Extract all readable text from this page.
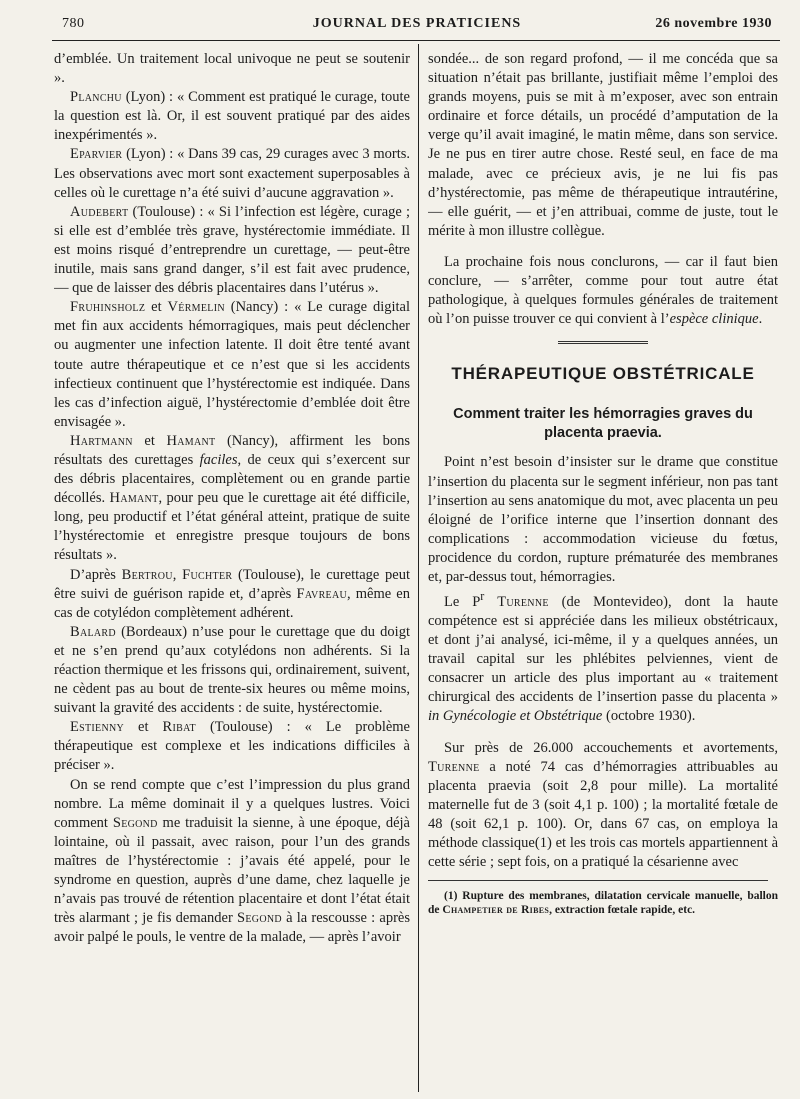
780	JOURNAL DES PRATICIENS	26 novembre 1930

d’emblée. Un traitement local univoque ne peut se soutenir ».

Planchu (Lyon) : « Comment est pratiqué le curage, toute la question est là. Or, il est souvent pratiqué par des aides inexpérimentés ».

Eparvier (Lyon) : « Dans 39 cas, 29 curages avec 3 morts. Les observations avec mort sont exactement superposables à celles où le curettage n’a été suivi d’aucune aggravation ».

Audebert (Toulouse) : « Si l’infection est légère, curage ; si elle est d’emblée très grave, hystérectomie immédiate. Il est moins risqué d’entreprendre un curettage, — peut-être inutile, mais sans grand danger, s’il est fait avec prudence, — que de laisser des débris placentaires dans l’utérus ».

Fruhinsholz et Vérmelin (Nancy) : « Le curage digital met fin aux accidents hémorragiques, mais peut déclencher ou augmenter une infection latente. Il doit être tenté avant toute autre thérapeutique et ce n’est que si les accidents infectieux continuent que l’hystérectomie est indiquée. Dans les cas d’infection aiguë, l’hystérectomie d’emblée doit être envisagée ».

Hartmann et Hamant (Nancy), affirment les bons résultats des curettages faciles, de ceux qui s’exercent sur des débris placentaires, complètement ou en grande partie décollés. Hamant, pour peu que le curettage ait été difficile, long, peu productif et l’état général atteint, pratique de suite l’hystérectomie et enregistre presque toujours de bons résultats ».

D’après Bertrou, Fuchter (Toulouse), le curettage peut être suivi de guérison rapide et, d’après Favreau, même en cas de cotylédon complètement adhérent.

Balard (Bordeaux) n’use pour le curettage que du doigt et ne s’en prend qu’aux cotylédons non adhérents. Si la réaction thermique et les frissons qui, ordinairement, suivent, ne cèdent pas au bout de trente-six heures ou même moins, suivant la gravité des accidents : de suite, hystérectomie.

Estienny et Ribat (Toulouse) : « Le problème thérapeutique est complexe et les indications difficiles à préciser ».

On se rend compte que c’est l’impression du plus grand nombre. La même dominait il y a quelques lustres. Voici comment Segond me traduisit la sienne, à une époque, déjà lointaine, où il passait, avec raison, pour l’un des grands maîtres de l’hystérectomie : j’avais été appelé, pour le syndrome en question, auprès d’une dame, chez laquelle je n’avais pas trouvé de rétention placentaire et dont l’état était très alarmant ; je fis demander Segond à la rescousse : après avoir palpé le pouls, le ventre de la malade, — après l’avoir

sondée... de son regard profond, — il me concéda que sa situation n’était pas brillante, justifiait même l’emploi des grands moyens, puis se mit à m’exposer, avec son entrain ordinaire et force détails, un procédé d’amputation de la verge qu’il avait imaginé, le matin même, dans son service. Je ne pus en tirer autre chose. Resté seul, en face de ma malade, avec ce précieux avis, je ne lui fis pas d’hystérectomie, pas même de thérapeutique intrautérine, — elle guérit, — et j’en attribuai, comme de juste, tout le mérite à mon illustre collègue.

La prochaine fois nous conclurons, — car il faut bien conclure, — s’arrêter, comme pour tout autre état pathologique, à quelques formules générales de traitement où l’on puisse trouver ce qui convient à l’espèce clinique.

THÉRAPEUTIQUE OBSTÉTRICALE
Comment traiter les hémorragies graves du placenta praevia.

Point n’est besoin d’insister sur le drame que constitue l’insertion du placenta sur le segment inférieur, non pas tant l’insertion au sens anatomique du mot, avec placenta un peu éloigné de l’orifice interne que l’insertion donnant des complications : accommodation vicieuse du fœtus, procidence du cordon, rupture prématurée des membranes et, par-dessus tout, hémorragies.

Le $P^r$ Turenne (de Montevideo), dont la haute compétence est si appréciée dans les milieux obstétricaux, et dont j’ai analysé, ici-même, il y a quelques années, un travail capital sur les phlébites pelviennes, vient de consacrer un article des plus important au « traitement chirurgical des accidents de l’insertion passe du placenta » in Gynécologie et Obstétrique (octobre 1930).

Sur près de 26.000 accouchements et avortements, Turenne a noté 74 cas d’hémorragies attribuables au placenta praevia (soit 2,8 pour mille). La mortalité maternelle fut de 3 (soit 4,1 p. 100) ; la mortalité fœtale de 48 (soit 62,1 p. 100). Or, dans 67 cas, on employa la méthode classique(1) et les trois cas mortels appartiennent à cette série ; sept fois, on a pratiqué la césarienne avec

(1) Rupture des membranes, dilatation cervicale manuelle, ballon de Champetier de Ribes, extraction fœtale rapide, etc.
